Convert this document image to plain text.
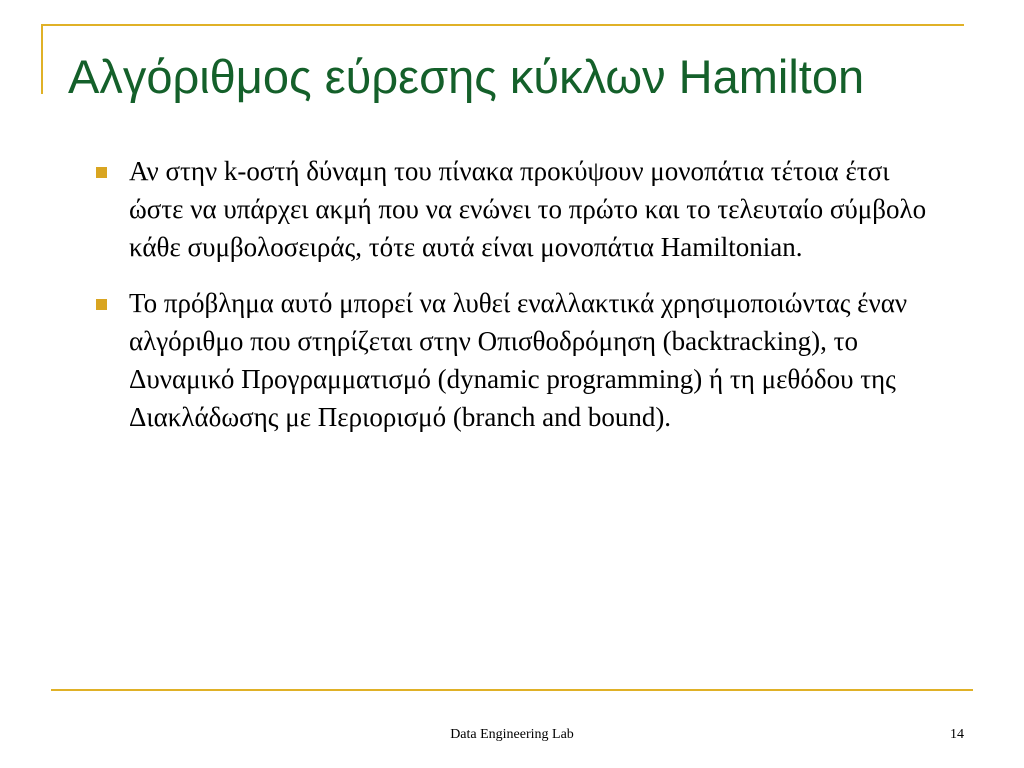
Αλγόριθμος εύρεσης κύκλων Hamilton
Αν στην k-οστή δύναμη του πίνακα προκύψουν μονοπάτια τέτοια έτσι ώστε να υπάρχει ακμή που να ενώνει το πρώτο και το τελευταίο σύμβολο κάθε συμβολοσειράς, τότε αυτά είναι μονοπάτια Hamiltonian.
Το πρόβλημα αυτό μπορεί να λυθεί εναλλακτικά χρησιμοποιώντας έναν αλγόριθμο που στηρίζεται στην Οπισθοδρόμηση (backtracking), το Δυναμικό Προγραμματισμό (dynamic programming) ή τη μεθόδου της Διακλάδωσης με Περιορισμό (branch and bound).
Data Engineering Lab	14
